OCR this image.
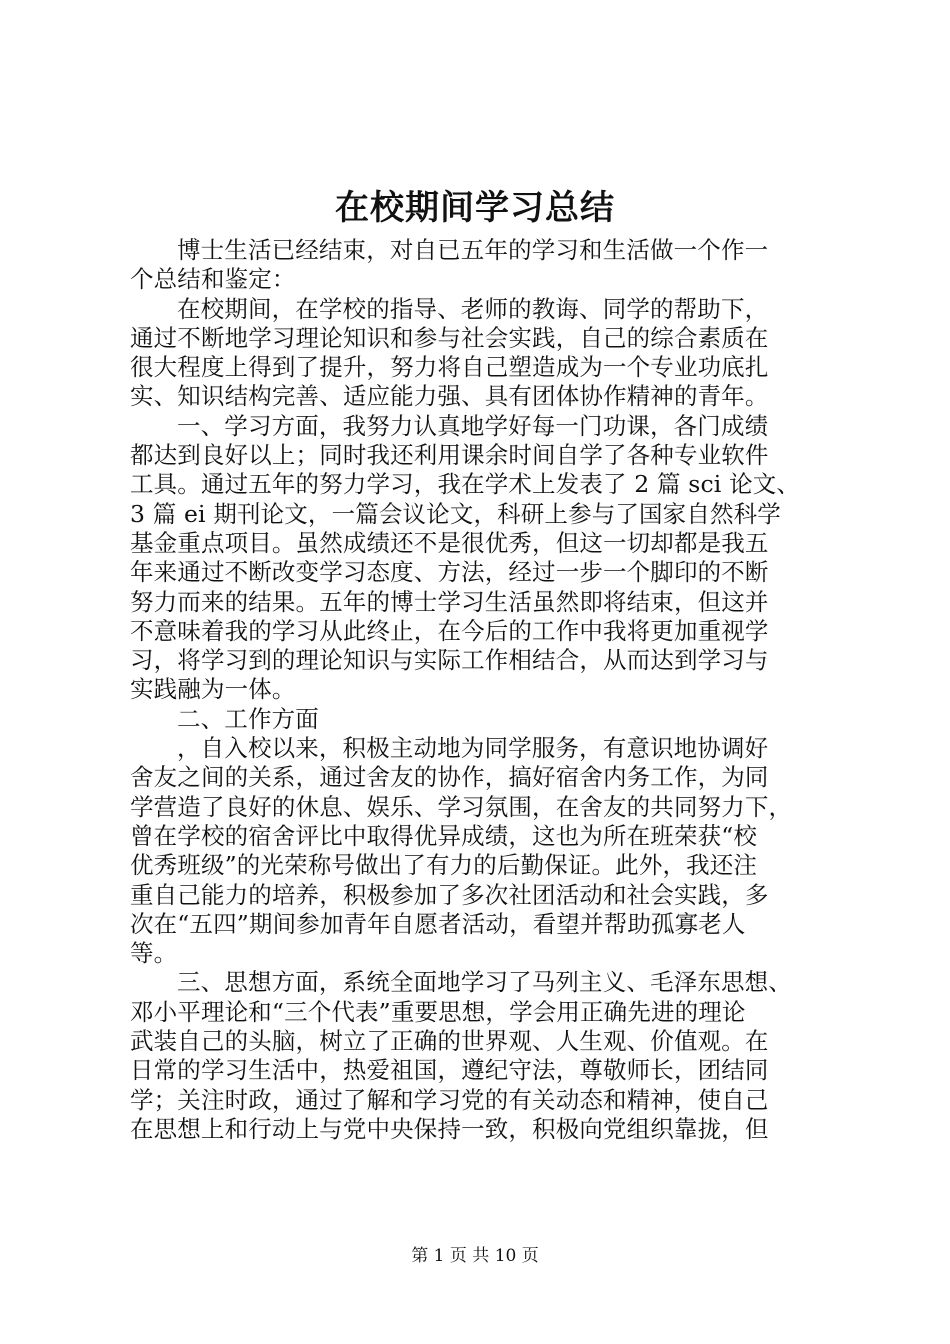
在校期间学习总结
博士生活已经结束，对自已五年的学习和生活做一个作一
个总结和鉴定：
在校期间，在学校的指导、老师的教诲、同学的帮助下，
通过不断地学习理论知识和参与社会实践，自己的综合素质在
很大程度上得到了提升，努力将自己塑造成为一个专业功底扎
实、知识结构完善、适应能力强、具有团体协作精神的青年。
一、学习方面，我努力认真地学好每一门功课，各门成绩
都达到良好以上；同时我还利用课余时间自学了各种专业软件
工具。通过五年的努力学习，我在学术上发表了 2 篇 sci 论文、
3 篇 ei 期刊论文，一篇会议论文，科研上参与了国家自然科学
基金重点项目。虽然成绩还不是很优秀，但这一切却都是我五
年来通过不断改变学习态度、方法，经过一步一个脚印的不断
努力而来的结果。五年的博士学习生活虽然即将结束，但这并
不意味着我的学习从此终止，在今后的工作中我将更加重视学
习，将学习到的理论知识与实际工作相结合，从而达到学习与
实践融为一体。
二、工作方面
，自入校以来，积极主动地为同学服务，有意识地协调好
舍友之间的关系，通过舍友的协作，搞好宿舍内务工作，为同
学营造了良好的休息、娱乐、学习氛围，在舍友的共同努力下，
曾在学校的宿舍评比中取得优异成绩，这也为所在班荣获“校
优秀班级”的光荣称号做出了有力的后勤保证。此外，我还注
重自己能力的培养，积极参加了多次社团活动和社会实践，多
次在“五四”期间参加青年自愿者活动，看望并帮助孤寡老人
等。
三、思想方面，系统全面地学习了马列主义、毛泽东思想、
邓小平理论和“三个代表”重要思想，学会用正确先进的理论
武装自己的头脑，树立了正确的世界观、人生观、价值观。在
日常的学习生活中，热爱祖国，遵纪守法，尊敬师长，团结同
学；关注时政，通过了解和学习党的有关动态和精神，使自己
在思想上和行动上与党中央保持一致，积极向党组织靠拢，但
第 1 页 共 10 页
